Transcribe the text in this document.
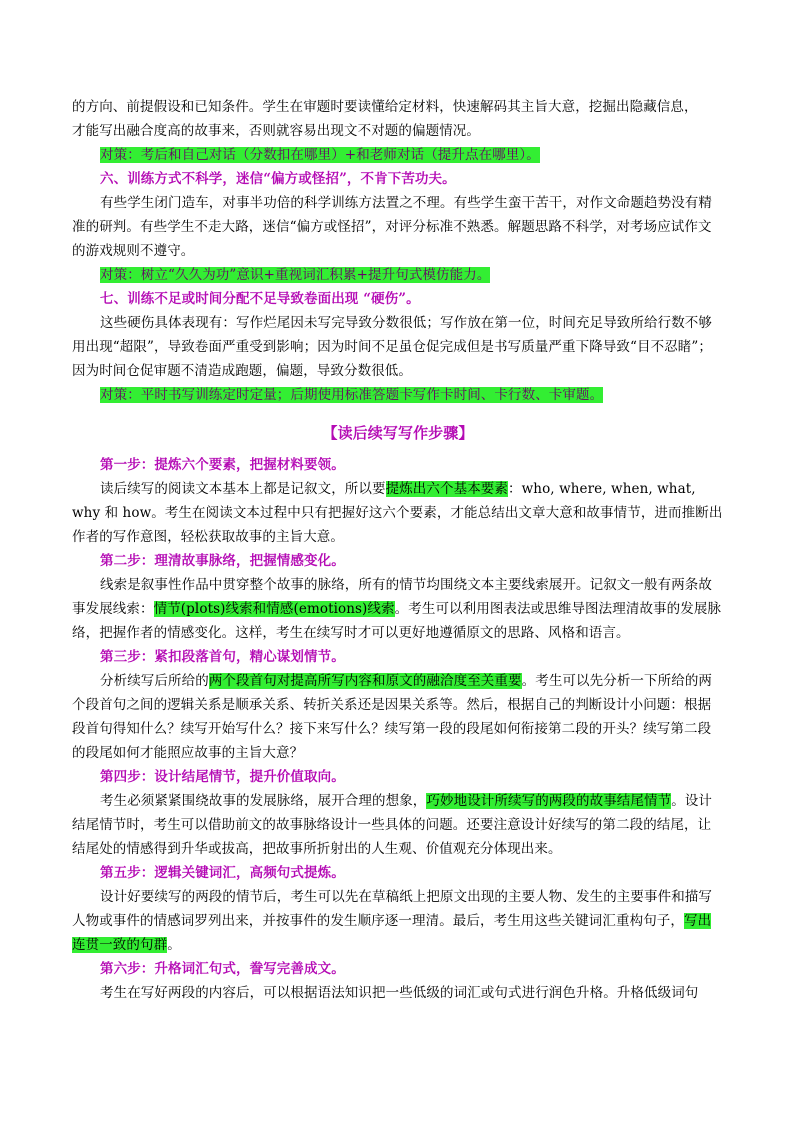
的方向、前提假设和已知条件。学生在审题时要读懂给定材料，快速解码其主旨大意，挖掘出隐藏信息，
才能写出融合度高的故事来，否则就容易出现文不对题的偏题情况。

对策：考后和自己对话（分数扣在哪里）+和老师对话（提升点在哪里）。

六、训练方式不科学，迷信“偏方或怪招”，不肯下苦功夫。

有些学生闭门造车，对事半功倍的科学训练方法置之不理。有些学生蛮干苦干，对作文命题趋势没有精准的研判。有些学生不走大路，迷信“偏方或怪招”，对评分标准不熟悉。解题思路不科学，对考场应试作文的游戏规则不遵守。

对策：树立“久久为功”意识+重视词汇积累+提升句式模仿能力。

七、训练不足或时间分配不足导致卷面出现 “硬伤”。

这些硬伤具体表现有：写作烂尾因未写完导致分数很低；写作放在第一位，时间充足导致所给行数不够用出现“超限”，导致卷面严重受到影响；因为时间不足虽仓促完成但是书写质量严重下降导致“目不忍睹”；因为时间仓促审题不清造成跑题，偏题，导致分数很低。

对策：平时书写训练定时定量；后期使用标准答题卡写作卡时间、卡行数、卡审题。

【读后续写写作步骤】

第一步：提炼六个要素，把握材料要领。

读后续写的阅读文本基本上都是记叙文，所以要提炼出六个基本要素：who, where, when, what, why 和 how。考生在阅读文本过程中只有把握好这六个要素，才能总结出文章大意和故事情节，进而推断出作者的写作意图，轻松获取故事的主旨大意。

第二步：理清故事脉络，把握情感变化。

线索是叙事性作品中贯穿整个故事的脉络，所有的情节均围绕文本主要线索展开。记叙文一般有两条故事发展线索：情节(plots)线索和情感(emotions)线索。考生可以利用图表法或思维导图法理清故事的发展脉络，把握作者的情感变化。这样，考生在续写时才可以更好地遵循原文的思路、风格和语言。

第三步：紧扣段落首句，精心谋划情节。

分析续写后所给的两个段首句对提高所写内容和原文的融洽度至关重要。考生可以先分析一下所给的两个段首句之间的逻辑关系是顺承关系、转折关系还是因果关系等。然后，根据自己的判断设计小问题：根据段首句得知什么？续写开始写什么？接下来写什么？续写第一段的段尾如何衔接第二段的开头？续写第二段的段尾如何才能照应故事的主旨大意？

第四步：设计结尾情节，提升价值取向。

考生必须紧紧围绕故事的发展脉络，展开合理的想象，巧妙地设计所续写的两段的故事结尾情节。设计结尾情节时，考生可以借助前文的故事脉络设计一些具体的问题。还要注意设计好续写的第二段的结尾，让结尾处的情感得到升华或拔高，把故事所折射出的人生观、价值观充分体现出来。

第五步：逻辑关键词汇，高频句式提炼。

设计好要续写的两段的情节后，考生可以先在草稿纸上把原文出现的主要人物、发生的主要事件和描写人物或事件的情感词罗列出来，并按事件的发生顺序逐一理清。最后，考生用这些关键词汇重构句子，写出连贯一致的句群。

第六步：升格词汇句式，誊写完善成文。

考生在写好两段的内容后，可以根据语法知识把一些低级的词汇或句式进行润色升格。升格低级词句
